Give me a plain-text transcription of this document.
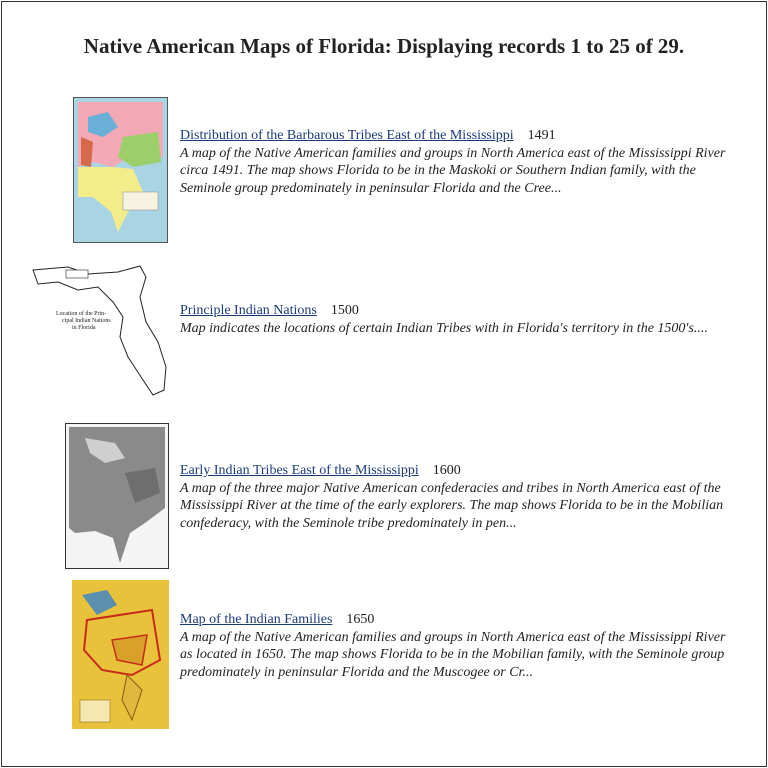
Native American Maps of Florida: Displaying records 1 to 25 of 29.
Distribution of the Barbarous Tribes East of the Mississippi 1491
A map of the Native American families and groups in North America east of the Mississippi River circa 1491. The map shows Florida to be in the Maskoki or Southern Indian family, with the Seminole group predominately in peninsular Florida and the Cree...
Location of the Prin-
cipal Indian Nations
in Florida
Principle Indian Nations 1500
Map indicates the locations of certain Indian Tribes with in Florida's territory in the 1500's....
Early Indian Tribes East of the Mississippi 1600
A map of the three major Native American confederacies and tribes in North America east of the Mississippi River at the time of the early explorers. The map shows Florida to be in the Mobilian confederacy, with the Seminole tribe predominately in pen...
Map of the Indian Families 1650
A map of the Native American families and groups in North America east of the Mississippi River as located in 1650. The map shows Florida to be in the Mobilian family, with the Seminole group predominately in peninsular Florida and the Muscogee or Cr...
